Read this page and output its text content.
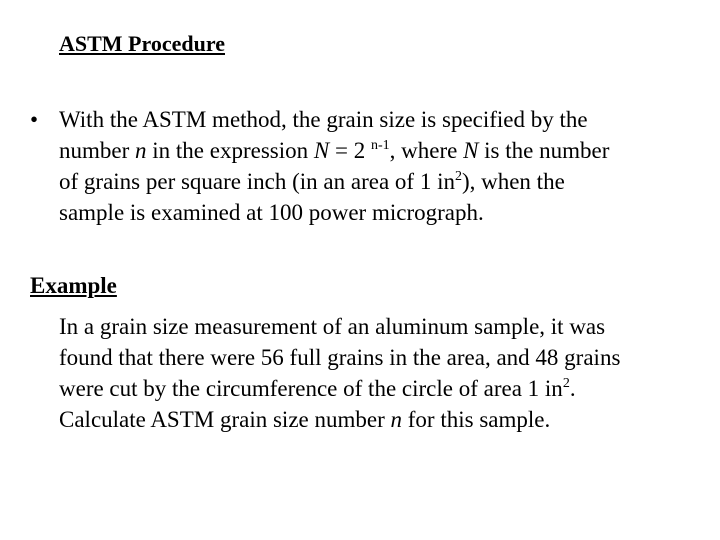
ASTM Procedure
• With the ASTM method, the grain size is specified by the
number n in the expression N = 2 $^{n-1}$, where N is the number
of grains per square inch (in an area of 1 $in^2$), when the
sample is examined at 100 power micrograph.
Example
In a grain size measurement of an aluminum sample, it was
found that there were 56 full grains in the area, and 48 grains
were cut by the circumference of the circle of area 1 $in^2$.
Calculate ASTM grain size number n for this sample.
